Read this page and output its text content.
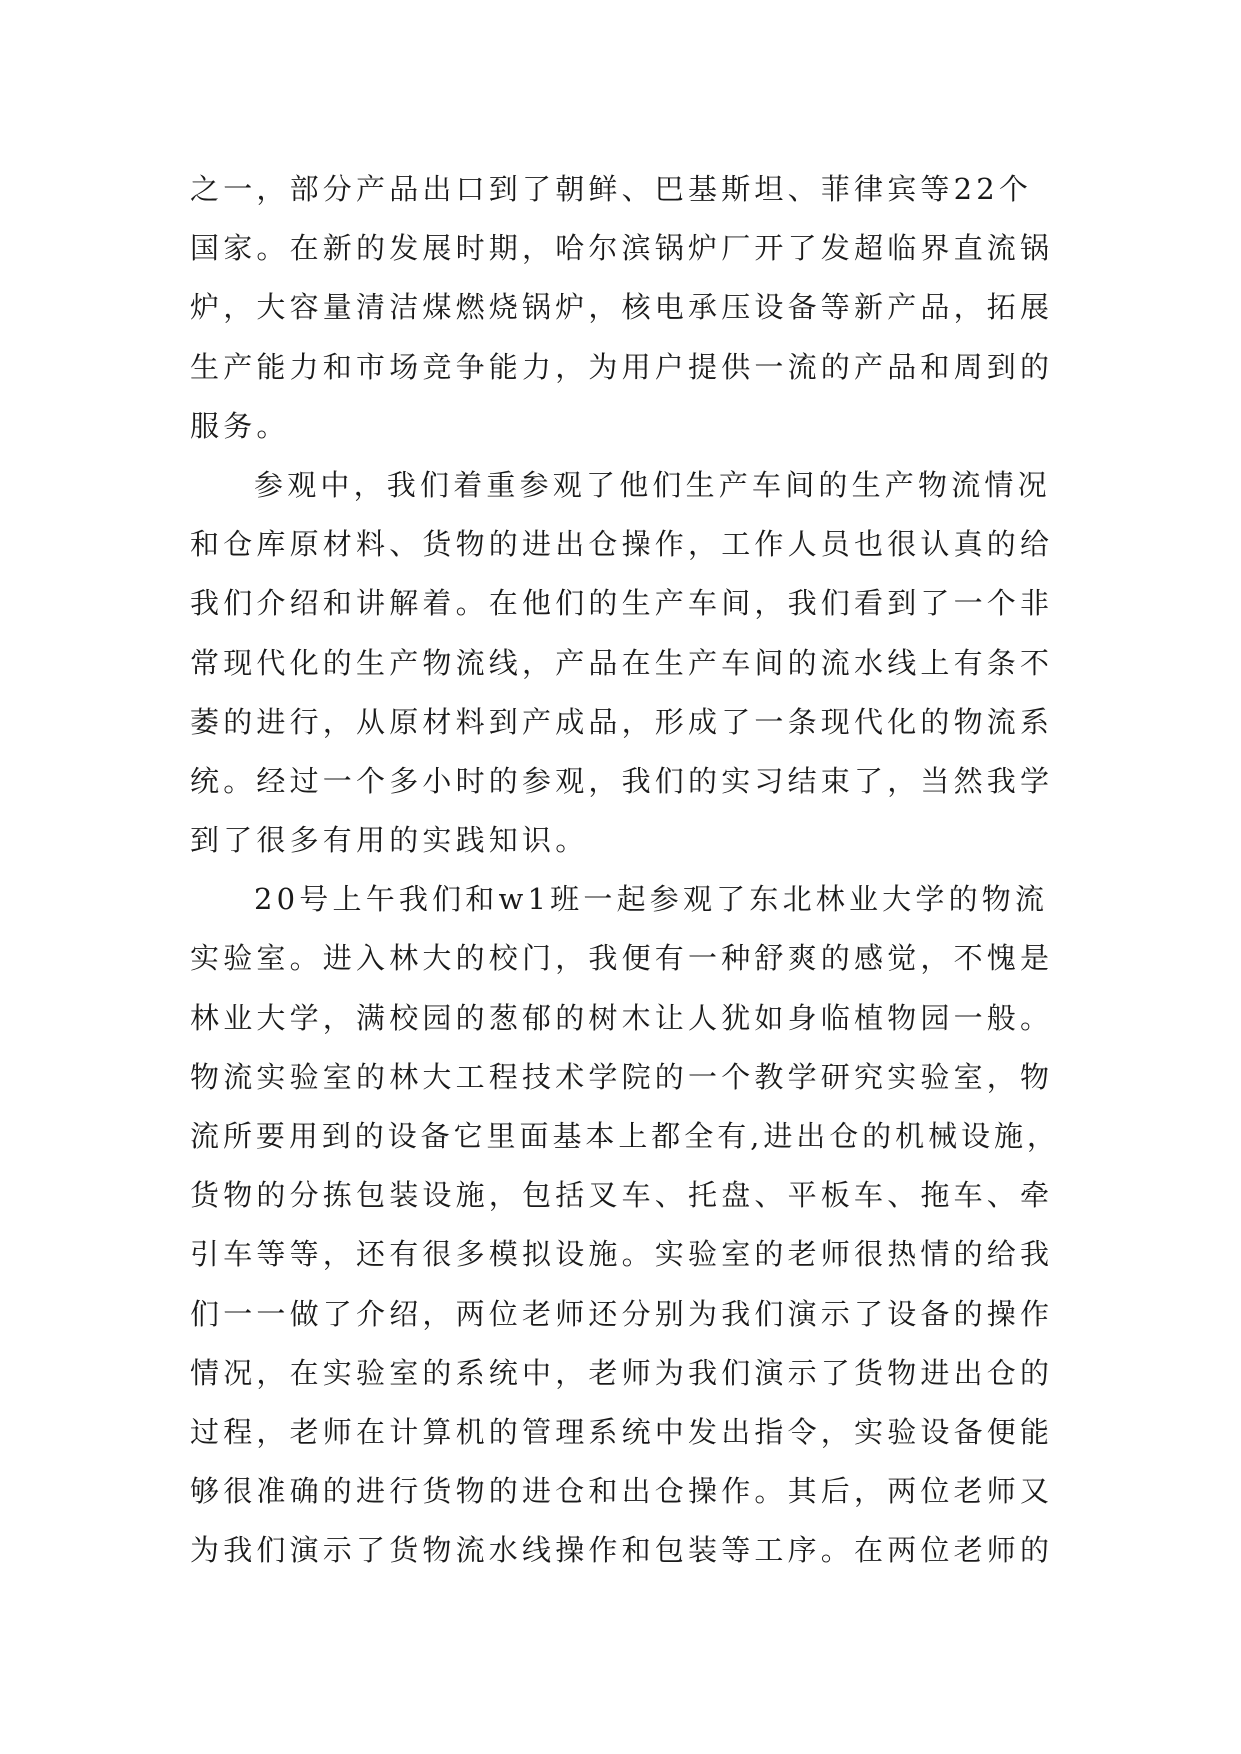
之一，部分产品出口到了朝鲜、巴基斯坦、菲律宾等22个
国家。在新的发展时期，哈尔滨锅炉厂开了发超临界直流锅
炉，大容量清洁煤燃烧锅炉，核电承压设备等新产品，拓展
生产能力和市场竞争能力，为用户提供一流的产品和周到的
服务。
参观中，我们着重参观了他们生产车间的生产物流情况
和仓库原材料、货物的进出仓操作，工作人员也很认真的给
我们介绍和讲解着。在他们的生产车间，我们看到了一个非
常现代化的生产物流线，产品在生产车间的流水线上有条不
萎的进行，从原材料到产成品，形成了一条现代化的物流系
统。经过一个多小时的参观，我们的实习结束了，当然我学
到了很多有用的实践知识。
20号上午我们和w1班一起参观了东北林业大学的物流
实验室。进入林大的校门，我便有一种舒爽的感觉，不愧是
林业大学，满校园的葱郁的树木让人犹如身临植物园一般。
物流实验室的林大工程技术学院的一个教学研究实验室，物
流所要用到的设备它里面基本上都全有,进出仓的机械设施，
货物的分拣包装设施，包括叉车、托盘、平板车、拖车、牵
引车等等，还有很多模拟设施。实验室的老师很热情的给我
们一一做了介绍，两位老师还分别为我们演示了设备的操作
情况，在实验室的系统中，老师为我们演示了货物进出仓的
过程，老师在计算机的管理系统中发出指令，实验设备便能
够很准确的进行货物的进仓和出仓操作。其后，两位老师又
为我们演示了货物流水线操作和包装等工序。在两位老师的
